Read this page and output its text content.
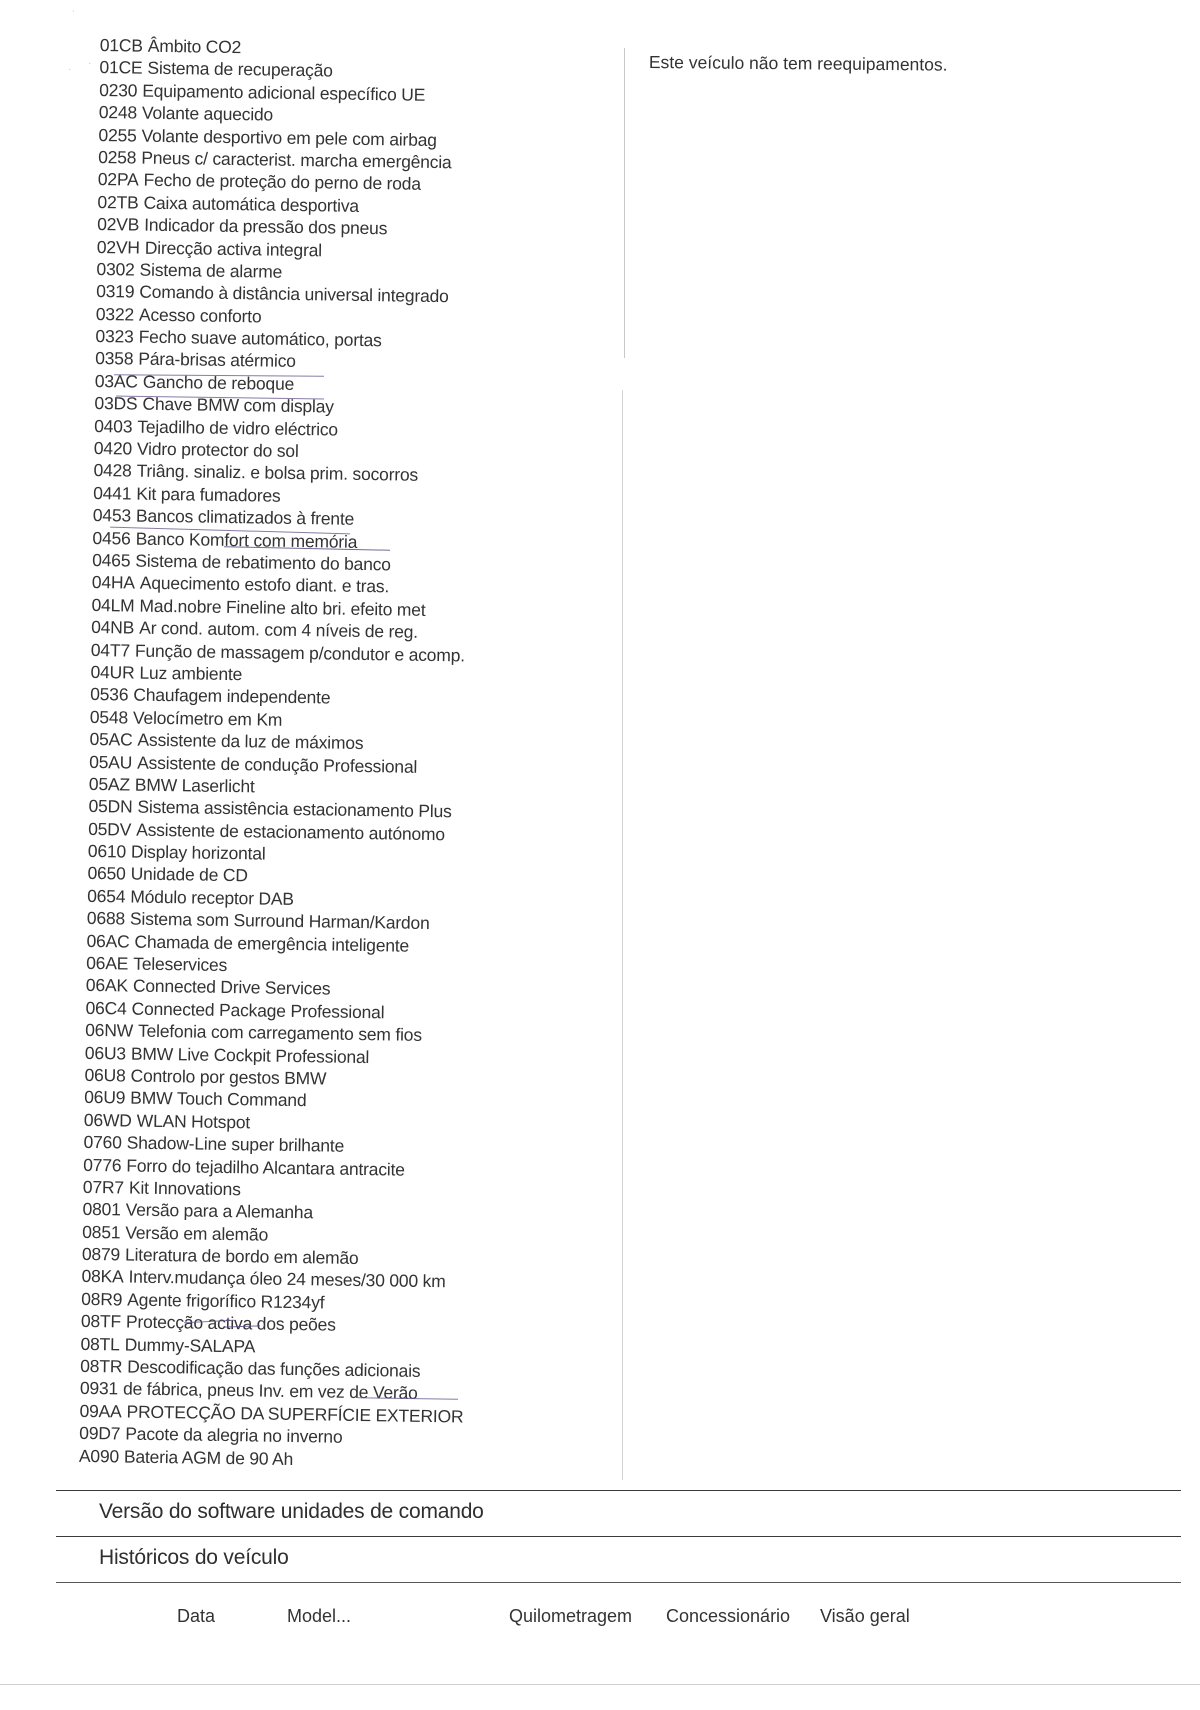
ˈ
·
·
01CB Âmbito CO2
01CE Sistema de recuperação
0230 Equipamento adicional específico UE
0248 Volante aquecido
0255 Volante desportivo em pele com airbag
0258 Pneus c/ caracterist. marcha emergência
02PA Fecho de proteção do perno de roda
02TB Caixa automática desportiva
02VB Indicador da pressão dos pneus
02VH Direcção activa integral
0302 Sistema de alarme
0319 Comando à distância universal integrado
0322 Acesso conforto
0323 Fecho suave automático, portas
0358 Pára-brisas atérmico
03AC Gancho de reboque
03DS Chave BMW com display
0403 Tejadilho de vidro eléctrico
0420 Vidro protector do sol
0428 Triâng. sinaliz. e bolsa prim. socorros
0441 Kit para fumadores
0453 Bancos climatizados à frente
0456 Banco Komfort com memória
0465 Sistema de rebatimento do banco
04HA Aquecimento estofo diant. e tras.
04LM Mad.nobre Fineline alto bri. efeito met
04NB Ar cond. autom. com 4 níveis de reg.
04T7 Função de massagem p/condutor e acomp.
04UR Luz ambiente
0536 Chaufagem independente
0548 Velocímetro em Km
05AC Assistente da luz de máximos
05AU Assistente de condução Professional
05AZ BMW Laserlicht
05DN Sistema assistência estacionamento Plus
05DV Assistente de estacionamento autónomo
0610 Display horizontal
0650 Unidade de CD
0654 Módulo receptor DAB
0688 Sistema som Surround Harman/Kardon
06AC Chamada de emergência inteligente
06AE Teleservices
06AK Connected Drive Services
06C4 Connected Package Professional
06NW Telefonia com carregamento sem fios
06U3 BMW Live Cockpit Professional
06U8 Controlo por gestos BMW
06U9 BMW Touch Command
06WD WLAN Hotspot
0760 Shadow-Line super brilhante
0776 Forro do tejadilho Alcantara antracite
07R7 Kit Innovations
0801 Versão para a Alemanha
0851 Versão em alemão
0879 Literatura de bordo em alemão
08KA Interv.mudança óleo 24 meses/30 000 km
08R9 Agente frigorífico R1234yf
08TF Protecção activa dos peões
08TL Dummy-SALAPA
08TR Descodificação das funções adicionais
0931 de fábrica, pneus Inv. em vez de Verão
09AA PROTECÇÃO DA SUPERFÍCIE EXTERIOR
09D7 Pacote da alegria no inverno
A090 Bateria AGM de 90 Ah
Este veículo não tem reequipamentos.
Versão do software unidades de comando
Históricos do veículo
Data	Model...	Quilometragem Concessionário Visão geral
